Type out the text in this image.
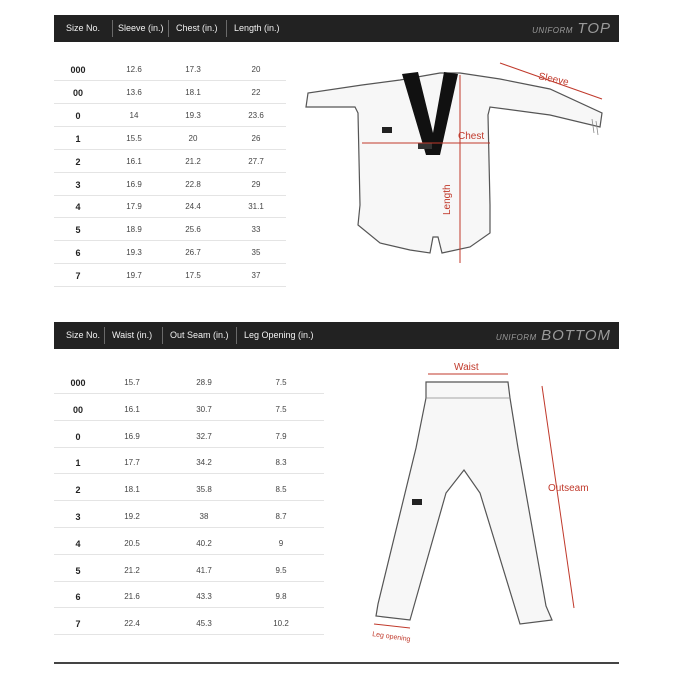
Size No. Sleeve (in.) Chest (in.) Length (in.)	UNIFORM TOP
000	12.6	17.3	20
00	13.6	18.1	22
0	14	19.3	23.6
1	15.5	20	26
2	16.1	21.2	27.7
3	16.9	22.8	29
4	17.9	24.4	31.1
5	18.9	25.6	33
6	19.3	26.7	35
7	19.7	17.5	37
Size No. Waist (in.) Out Seam (in.) Leg Opening (in.)	UNIFORM BOTTOM
000	15.7	28.9	7.5
00	16.1	30.7	7.5
0	16.9	32.7	7.9
1	17.7	34.2	8.3
2	18.1	35.8	8.5
3	19.2	38	8.7
4	20.5	40.2	9
5	21.2	41.7	9.5
6	21.6	43.3	9.8
7	22.4	45.3	10.2
Sleeve
Chest
Length
Waist
Outseam
Leg opening
